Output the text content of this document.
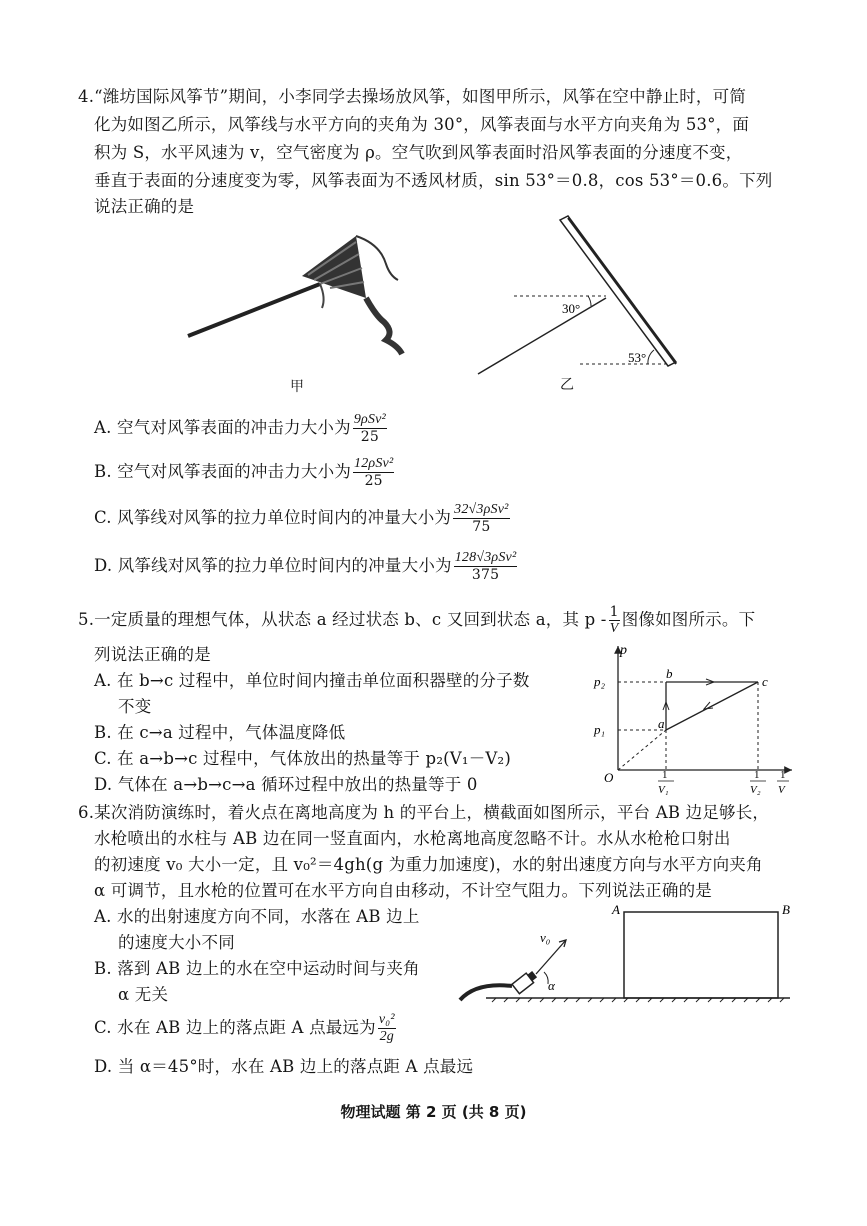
4.“潍坊国际风筝节”期间，小李同学去操场放风筝，如图甲所示，风筝在空中静止时，可简
化为如图乙所示，风筝线与水平方向的夹角为 30°，风筝表面与水平方向夹角为 53°，面
积为 S，水平风速为 v，空气密度为 ρ。空气吹到风筝表面时沿风筝表面的分速度不变，
垂直于表面的分速度变为零，风筝表面为不透风材质，sin 53°＝0.8，cos 53°＝0.6。下列
说法正确的是
甲
30°
53°
乙
A. 空气对风筝表面的冲击力大小为 $\frac{\text{9ρSv²}}{25}$
B. 空气对风筝表面的冲击力大小为 $\frac{\text{12ρSv²}}{25}$
C. 风筝线对风筝的拉力单位时间内的冲量大小为 $\frac{\text{32√3ρSv²}}{75}$
D. 风筝线对风筝的拉力单位时间内的冲量大小为 $\frac{\text{128√3ρSv²}}{375}$
5.一定质量的理想气体，从状态 a 经过状态 b、c 又回到状态 a，其 p - $\frac{1}{V}$ 图像如图所示。下
列说法正确的是
A. 在 b→c 过程中，单位时间内撞击单位面积器壁的分子数
不变
B. 在 c→a 过程中，气体温度降低
C. 在 a→b→c 过程中，气体放出的热量等于 p₂(V₁－V₂)
D. 气体在 a→b→c→a 循环过程中放出的热量等于 0
p
p₂
p₁
O
a
b
c
1
V₁
1
V₂
1
V
6.某次消防演练时，着火点在离地高度为 h 的平台上，横截面如图所示，平台 AB 边足够长，
水枪喷出的水柱与 AB 边在同一竖直面内，水枪离地高度忽略不计。水从水枪枪口射出
的初速度 v₀ 大小一定，且 v₀²＝4gh(g 为重力加速度)，水的射出速度方向与水平方向夹角
α 可调节，且水枪的位置可在水平方向自由移动，不计空气阻力。下列说法正确的是
A. 水的出射速度方向不同，水落在 AB 边上
的速度大小不同
B. 落到 AB 边上的水在空中运动时间与夹角
α 无关
C. 水在 AB 边上的落点距 A 点最远为 $\frac{\text{v₀²}}{2g}$
D. 当 α＝45°时，水在 AB 边上的落点距 A 点最远
v₀
α
A	B
物理试题 第 2 页 (共 8 页)
